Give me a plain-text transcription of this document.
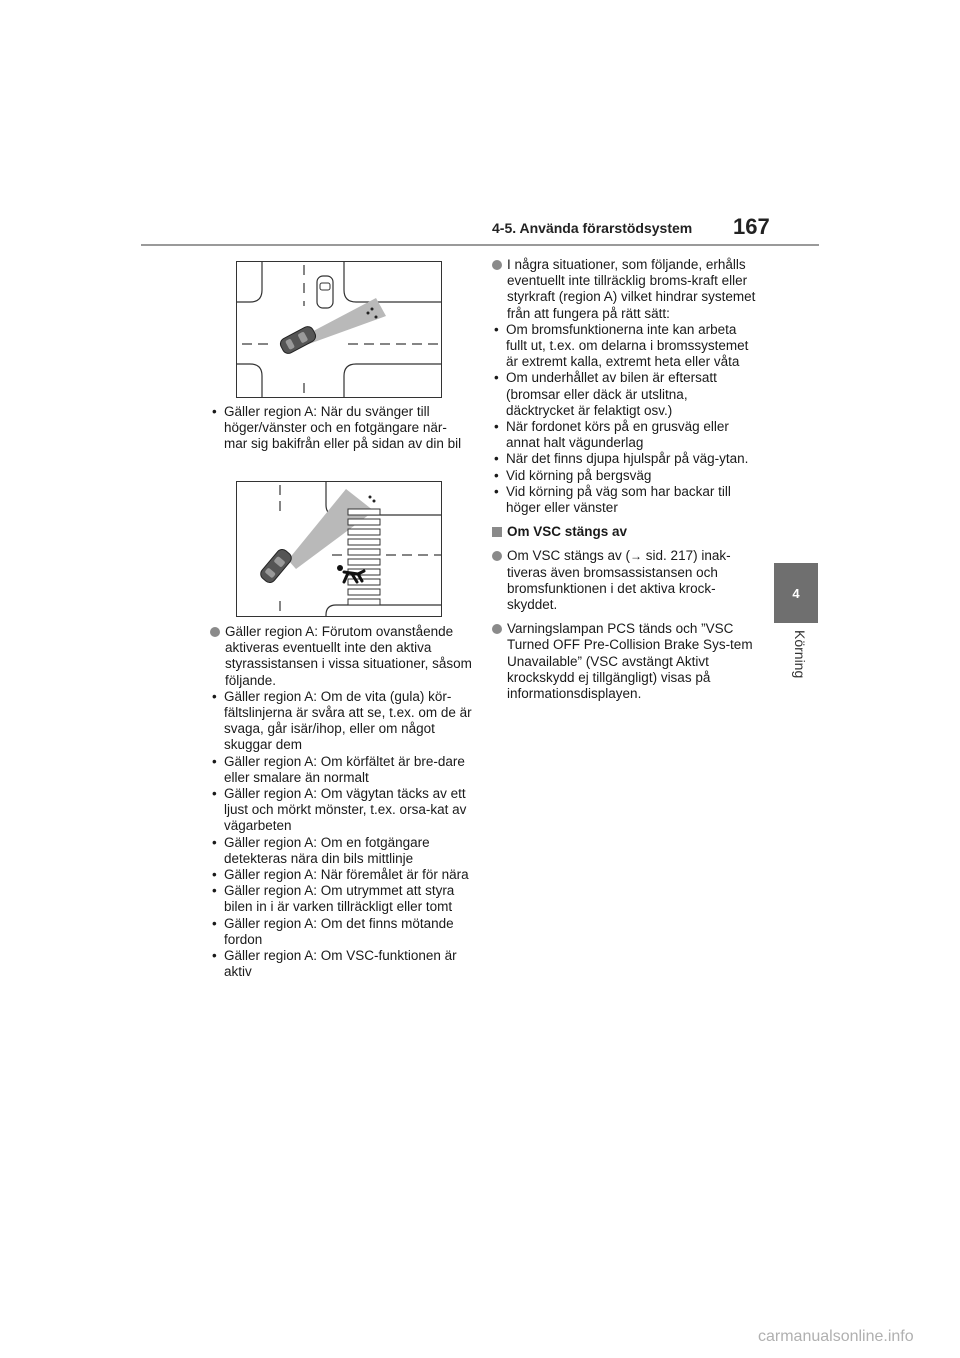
4-5. Använda förarstödsystem 167
4
Körning
• Gäller region A: När du svänger till höger/vänster och en fotgängare när-mar sig bakifrån eller på sidan av din bil

Gäller region A: Förutom ovanstående aktiveras eventuellt inte den aktiva styrassistansen i vissa situationer, såsom följande.

• Gäller region A: Om de vita (gula) kör-fältslinjerna är svåra att se, t.ex. om de är svaga, går isär/ihop, eller om något skuggar dem
• Gäller region A: Om körfältet är bre-dare eller smalare än normalt
• Gäller region A: Om vägytan täcks av ett ljust och mörkt mönster, t.ex. orsa-kat av vägarbeten
• Gäller region A: Om en fotgängare detekteras nära din bils mittlinje
• Gäller region A: När föremålet är för nära
• Gäller region A: Om utrymmet att styra bilen in i är varken tillräckligt eller tomt
• Gäller region A: Om det finns mötande fordon
• Gäller region A: Om VSC-funktionen är aktiv

I några situationer, som följande, erhålls eventuellt inte tillräcklig broms-kraft eller styrkraft (region A) vilket hindrar systemet från att fungera på rätt sätt:

• Om bromsfunktionerna inte kan arbeta fullt ut, t.ex. om delarna i bromssystemet är extremt kalla, extremt heta eller våta
• Om underhållet av bilen är eftersatt (bromsar eller däck är utslitna, däcktrycket är felaktigt osv.)
• När fordonet körs på en grusväg eller annat halt vägunderlag
• När det finns djupa hjulspår på väg-ytan.
• Vid körning på bergsväg
• Vid körning på väg som har backar till höger eller vänster

Om VSC stängs av

Om VSC stängs av (→ sid. 217) inak-tiveras även bromsassistansen och bromsfunktionen i det aktiva krock-skyddet.

Varningslampan PCS tänds och ”VSC Turned OFF Pre-Collision Brake Sys-tem Unavailable” (VSC avstängt Aktivt krockskydd ej tillgängligt) visas på informationsdisplayen.

carmanualsonline.info
